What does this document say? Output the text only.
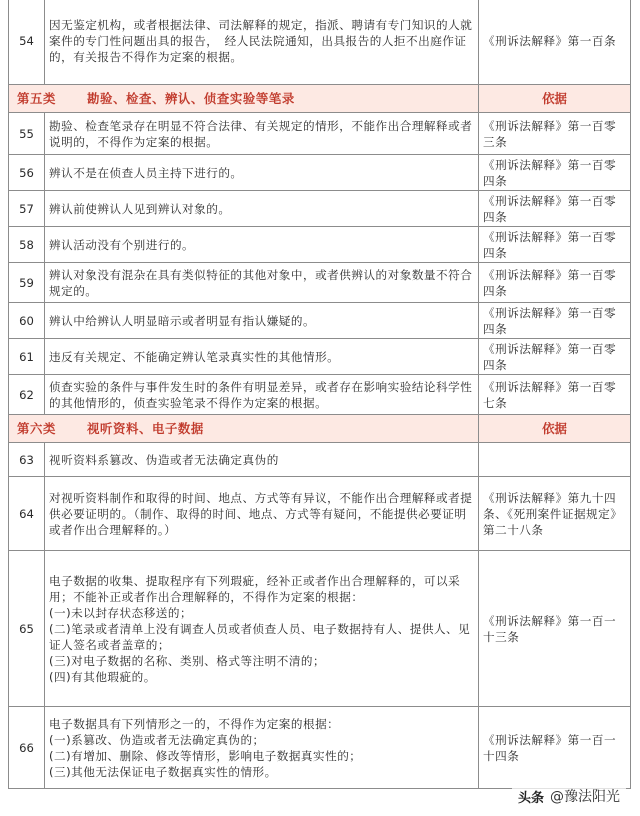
54	因无鉴定机构，或者根据法律、司法解释的规定，指派、聘请有专门知识的人就案件的专门性问题出具的报告，　经人民法院通知，出具报告的人拒不出庭作证的，有关报告不得作为定案的根据。	《刑诉法解释》第一百条
第五类 勘验、检查、辨认、侦查实验等笔录		依据
55	勘验、检查笔录存在明显不符合法律、有关规定的情形，不能作出合理解释或者说明的，不得作为定案的根据。	《刑诉法解释》第一百零三条
56	辨认不是在侦查人员主持下进行的。	《刑诉法解释》第一百零四条
57	辨认前使辨认人见到辨认对象的。	《刑诉法解释》第一百零四条
58	辨认活动没有个别进行的。	《刑诉法解释》第一百零四条
59	辨认对象没有混杂在具有类似特征的其他对象中，或者供辨认的对象数量不符合规定的。	《刑诉法解释》第一百零四条
60	辨认中给辨认人明显暗示或者明显有指认嫌疑的。	《刑诉法解释》第一百零四条
61	违反有关规定、不能确定辨认笔录真实性的其他情形。	《刑诉法解释》第一百零四条
62	侦查实验的条件与事件发生时的条件有明显差异，或者存在影响实验结论科学性的其他情形的，侦查实验笔录不得作为定案的根据。	《刑诉法解释》第一百零七条
第六类 视听资料、电子数据		依据
63	视听资料系篡改、伪造或者无法确定真伪的	
64	对视听资料制作和取得的时间、地点、方式等有异议，不能作出合理解释或者提供必要证明的。（制作、取得的时间、地点、方式等有疑问，不能提供必要证明或者作出合理解释的。）	《刑诉法解释》第九十四条、《死刑案件证据规定》第二十八条
65	电子数据的收集、提取程序有下列瑕疵，经补正或者作出合理解释的，可以采用；不能补正或者作出合理解释的，不得作为定案的根据：
(一)未以封存状态移送的；
(二)笔录或者清单上没有调查人员或者侦查人员、电子数据持有人、提供人、见证人签名或者盖章的；
(三)对电子数据的名称、类别、格式等注明不清的；
(四)有其他瑕疵的。	《刑诉法解释》第一百一十三条
66	电子数据具有下列情形之一的，不得作为定案的根据：
(一)系篡改、伪造或者无法确定真伪的；
(二)有增加、删除、修改等情形，影响电子数据真实性的；
(三)其他无法保证电子数据真实性的情形。	《刑诉法解释》第一百一十四条
头条 @豫法阳光
